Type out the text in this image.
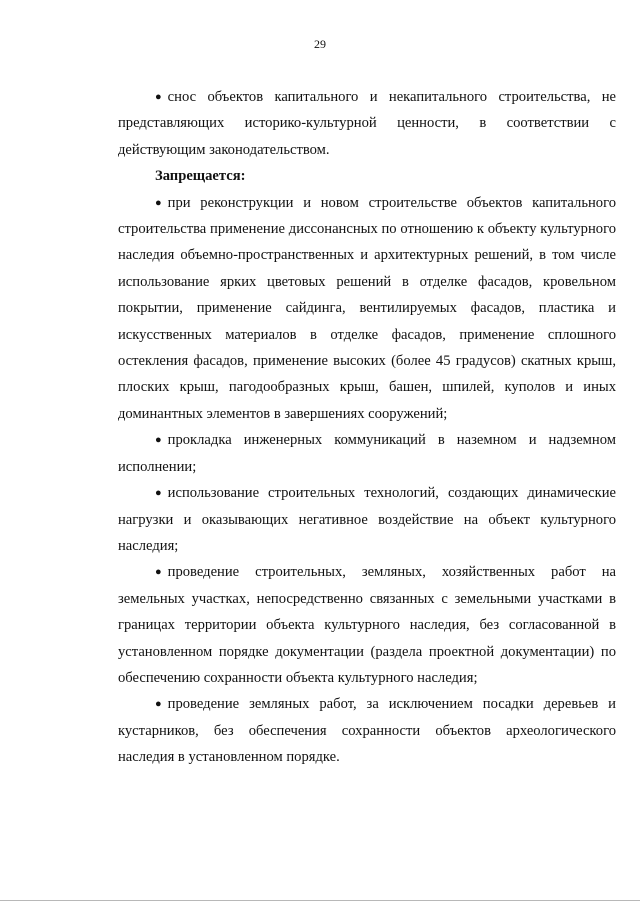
29

● снос объектов капитального и некапитального строительства, не представляющих историко-культурной ценности, в соответствии с действующим законодательством.

Запрещается:

● при реконструкции и новом строительстве объектов капитального строительства применение диссонансных по отношению к объекту культурного наследия объемно-пространственных и архитектурных решений, в том числе использование ярких цветовых решений в отделке фасадов, кровельном покрытии, применение сайдинга, вентилируемых фасадов, пластика и искусственных материалов в отделке фасадов, применение сплошного остекления фасадов, применение высоких (более 45 градусов) скатных крыш, плоских крыш, пагодообразных крыш, башен, шпилей, куполов и иных доминантных элементов в завершениях сооружений;

● прокладка инженерных коммуникаций в наземном и надземном исполнении;

● использование строительных технологий, создающих динамические нагрузки и оказывающих негативное воздействие на объект культурного наследия;

● проведение строительных, земляных, хозяйственных работ на земельных участках, непосредственно связанных с земельными участками в границах территории объекта культурного наследия, без согласованной в установленном порядке документации (раздела проектной документации) по обеспечению сохранности объекта культурного наследия;

● проведение земляных работ, за исключением посадки деревьев и кустарников, без обеспечения сохранности объектов археологического наследия в установленном порядке.
